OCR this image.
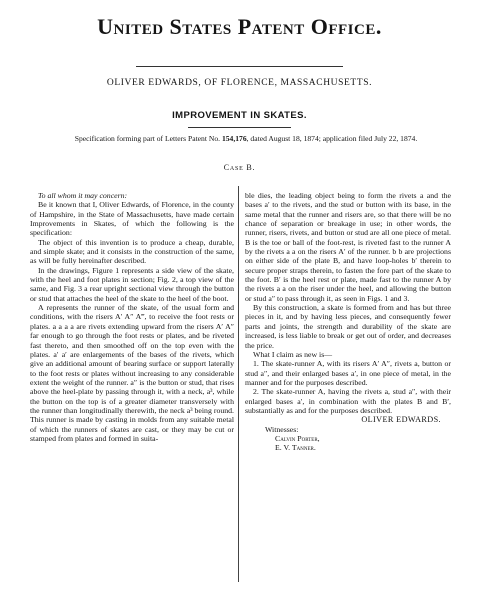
United States Patent Office.
OLIVER EDWARDS, OF FLORENCE, MASSACHUSETTS.
IMPROVEMENT IN SKATES.
Specification forming part of Letters Patent No. 154,176, dated August 18, 1874; application filed July 22, 1874.
Case B.

To all whom it may concern:

Be it known that I, Oliver Edwards, of Florence, in the county of Hampshire, in the State of Massachusetts, have made certain Improvements in Skates, of which the following is the specification:

The object of this invention is to produce a cheap, durable, and simple skate; and it consists in the construction of the same, as will be fully hereinafter described.

In the drawings, Figure 1 represents a side view of the skate, with the heel and foot plates in section; Fig. 2, a top view of the same, and Fig. 3 a rear upright sectional view through the button or stud that attaches the heel of the skate to the heel of the boot.

A represents the runner of the skate, of the usual form and conditions, with the risers A′ A″ A‴, to receive the foot rests or plates. a a a a are rivets extending upward from the risers A′ A″ far enough to go through the foot rests or plates, and be riveted fast thereto, and then smoothed off on the top even with the plates. a′ a′ are enlargements of the bases of the rivets, which give an additional amount of bearing surface or support laterally to the foot rests or plates without increasing to any considerable extent the weight of the runner. a″ is the button or stud, that rises above the heel-plate by passing through it, with a neck, a³, while the button on the top is of a greater diameter transversely with the runner than longitudinally therewith, the neck a³ being round. This runner is made by casting in molds from any suitable metal of which the runners of skates are cast, or they may be cut or stamped from plates and formed in suita-

ble dies, the leading object being to form the rivets a and the bases a′ to the rivets, and the stud or button with its base, in the same metal that the runner and risers are, so that there will be no chance of separation or breakage in use; in other words, the runner, risers, rivets, and button or stud are all one piece of metal. B is the toe or ball of the foot-rest, is riveted fast to the runner A by the rivets a a on the risers A′ of the runner. b b are projections on either side of the plate B, and have loop-holes b′ therein to secure proper straps therein, to fasten the fore part of the skate to the foot. B′ is the heel rest or plate, made fast to the runner A by the rivets a a on the riser under the heel, and allowing the button or stud a″ to pass through it, as seen in Figs. 1 and 3.

By this construction, a skate is formed from and has but three pieces in it, and by having less pieces, and consequently fewer parts and joints, the strength and durability of the skate are increased, is less liable to break or get out of order, and decreases the price.

What I claim as new is—

1. The skate-runner A, with its risers A′ A″, rivets a, button or stud a″, and their enlarged bases a′, in one piece of metal, in the manner and for the purposes described.

2. The skate-runner A, having the rivets a, stud a″, with their enlarged bases a′, in combination with the plates B and B′, substantially as and for the purposes described.

OLIVER EDWARDS.

Witnesses:

Calvin Porter,

E. V. Tanner.
